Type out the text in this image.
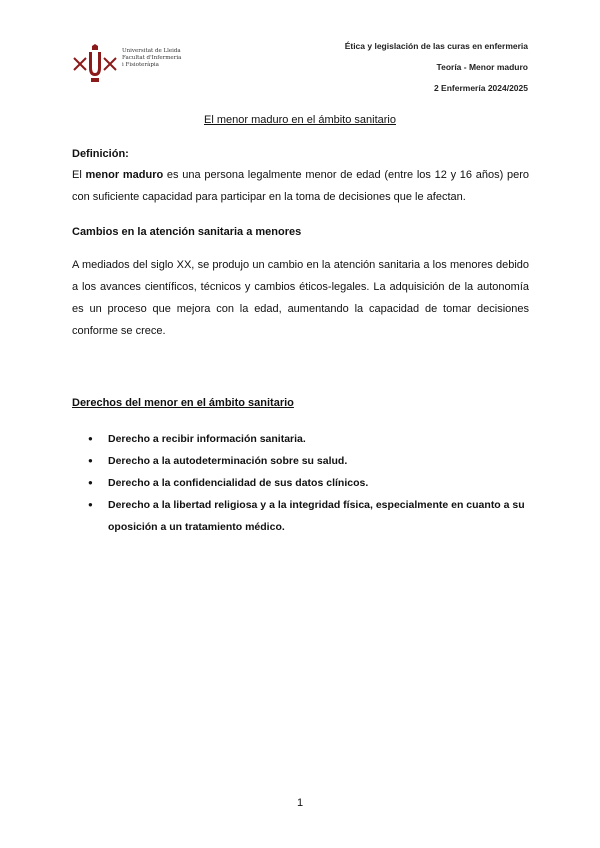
Universitat de Lleida
Facultat d'Infermeria
i Fisioteràpia
Ética y legislación de las curas en enfermeria
Teoría - Menor maduro
2 Enfermería 2024/2025
El menor maduro en el ámbito sanitario
Definición:
El menor maduro es una persona legalmente menor de edad (entre los 12 y 16 años) pero con suficiente capacidad para participar en la toma de decisiones que le afectan.
Cambios en la atención sanitaria a menores
A mediados del siglo XX, se produjo un cambio en la atención sanitaria a los menores debido a los avances científicos, técnicos y cambios éticos-legales. La adquisición de la autonomía es un proceso que mejora con la edad, aumentando la capacidad de tomar decisiones conforme se crece.
Derechos del menor en el ámbito sanitario
● Derecho a recibir información sanitaria.
● Derecho a la autodeterminación sobre su salud.
● Derecho a la confidencialidad de sus datos clínicos.
● Derecho a la libertad religiosa y a la integridad física, especialmente en cuanto a su oposición a un tratamiento médico.
1
